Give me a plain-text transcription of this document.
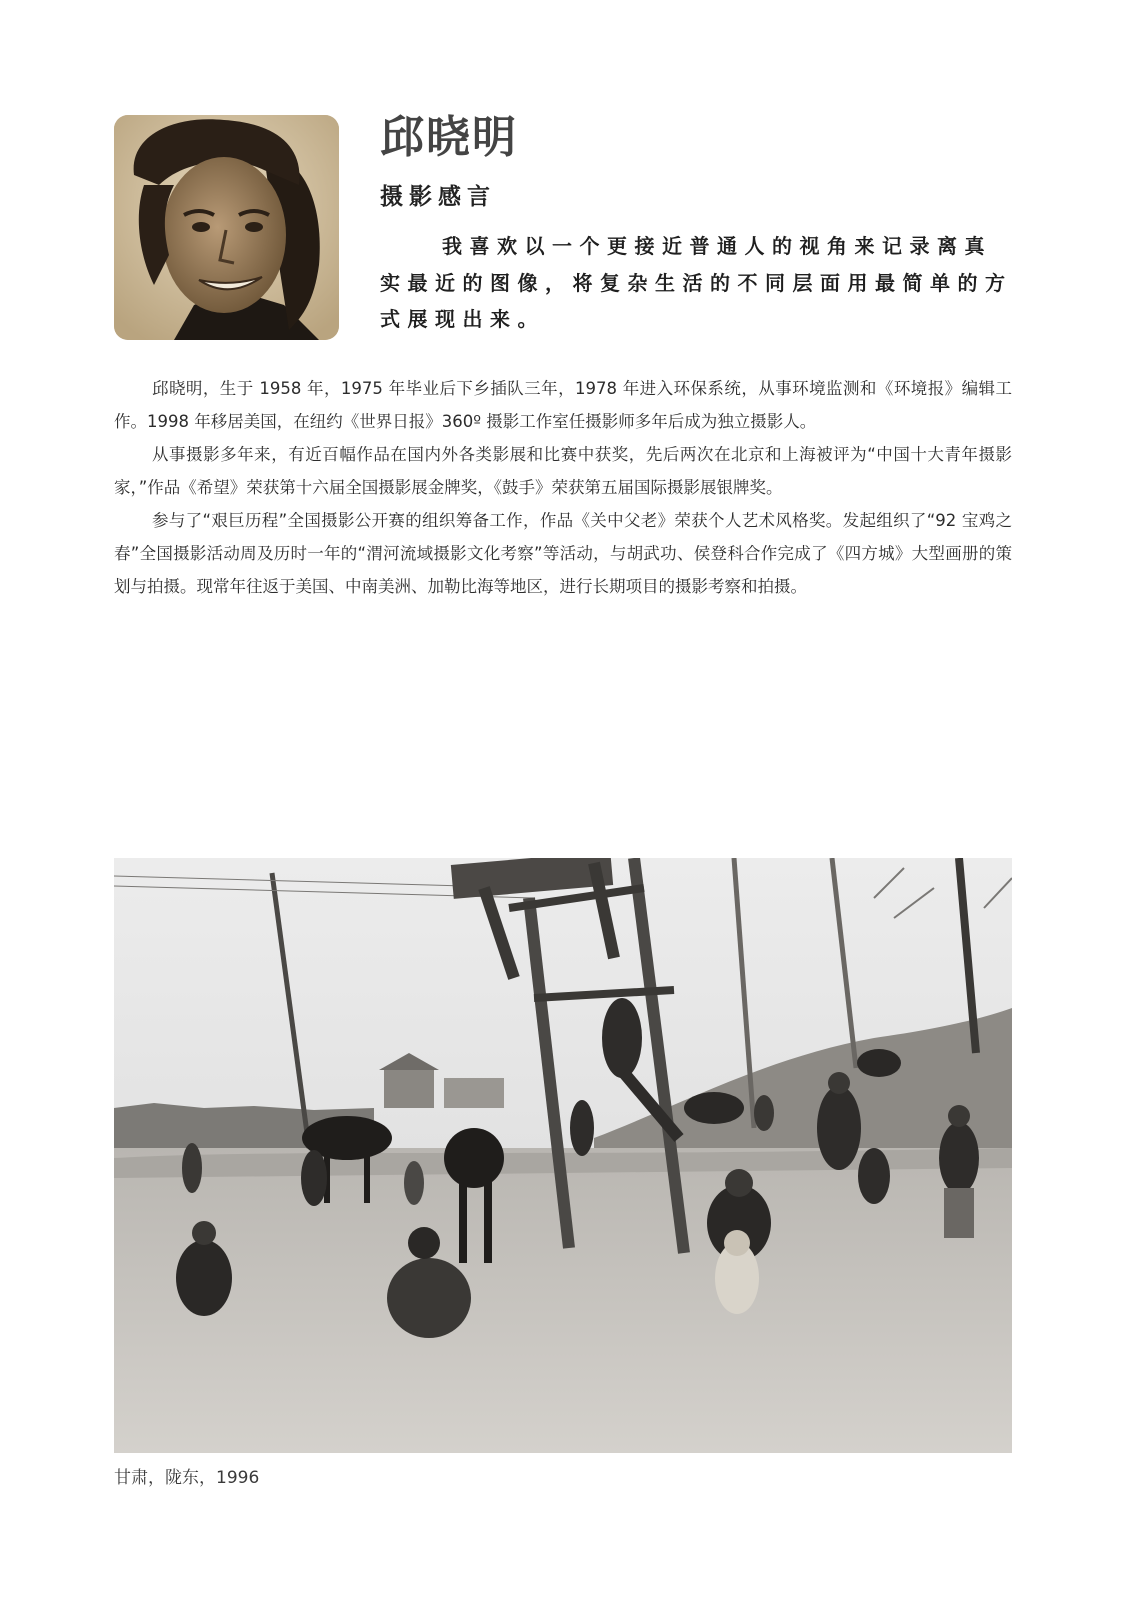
邱晓明
摄影感言

我喜欢以一个更接近普通人的视角来记录离真实最近的图像，将复杂生活的不同层面用最简单的方式展现出来。

邱晓明，生于 1958 年，1975 年毕业后下乡插队三年，1978 年进入环保系统，从事环境监测和《环境报》编辑工作。1998 年移居美国，在纽约《世界日报》360º 摄影工作室任摄影师多年后成为独立摄影人。

从事摄影多年来，有近百幅作品在国内外各类影展和比赛中获奖，先后两次在北京和上海被评为“中国十大青年摄影家，”作品《希望》荣获第十六届全国摄影展金牌奖，《鼓手》荣获第五届国际摄影展银牌奖。

参与了“艰巨历程”全国摄影公开赛的组织筹备工作，作品《关中父老》荣获个人艺术风格奖。发起组织了“92 宝鸡之春”全国摄影活动周及历时一年的“渭河流域摄影文化考察”等活动，与胡武功、侯登科合作完成了《四方城》大型画册的策划与拍摄。现常年往返于美国、中南美洲、加勒比海等地区，进行长期项目的摄影考察和拍摄。

甘肃，陇东，1996
